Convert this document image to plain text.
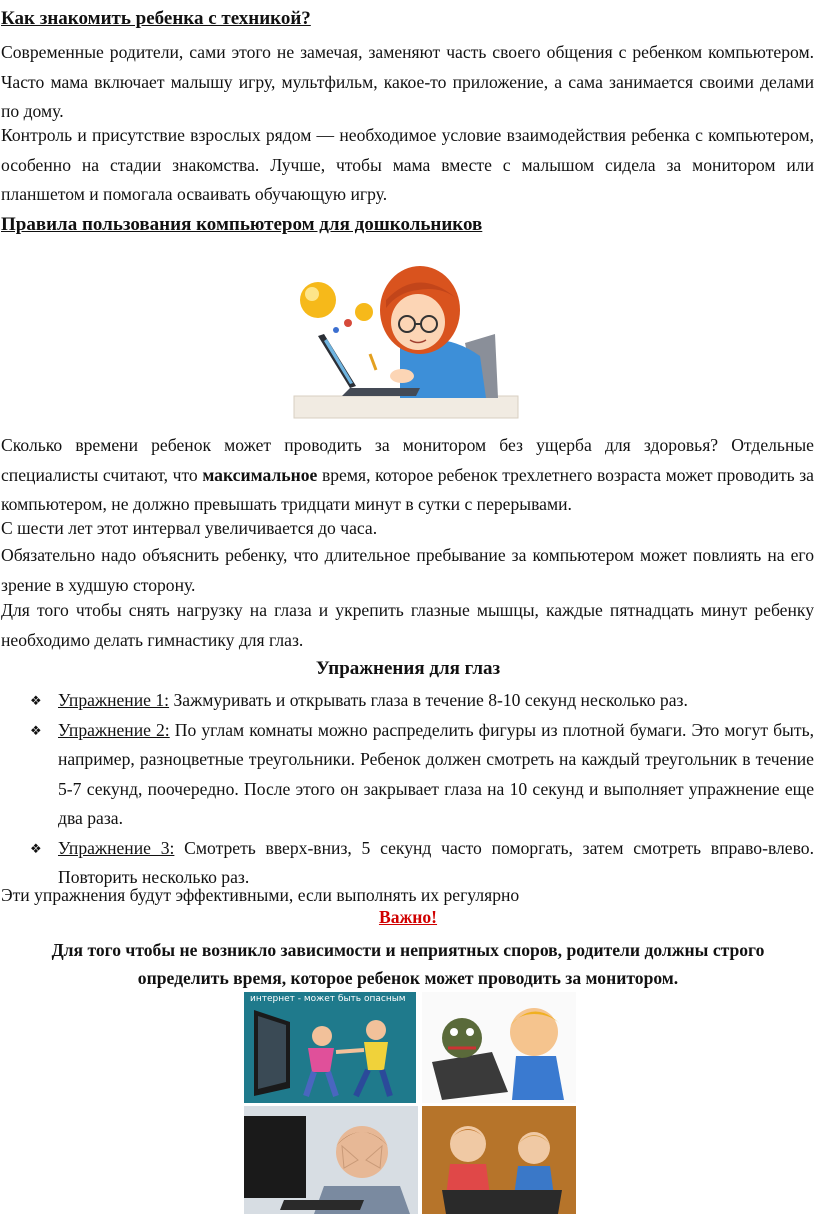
Как знакомить ребенка с техникой?

Современные родители, сами этого не замечая, заменяют часть своего общения с ребенком компьютером. Часто мама включает малышу игру, мультфильм, какое-то приложение, а сама занимается своими делами по дому.

Контроль и присутствие взрослых рядом — необходимое условие взаимодействия ребенка с компьютером, особенно на стадии знакомства. Лучше, чтобы мама вместе с малышом сидела за монитором или планшетом и помогала осваивать обучающую игру.

Правила пользования компьютером для дошкольников

Сколько времени ребенок может проводить за монитором без ущерба для здоровья? Отдельные специалисты считают, что максимальное время, которое ребенок трехлетнего возраста может проводить за компьютером, не должно превышать тридцати минут в сутки с перерывами.

С шести лет этот интервал увеличивается до часа.

Обязательно надо объяснить ребенку, что длительное пребывание за компьютером может повлиять на его зрение в худшую сторону.

Для того чтобы снять нагрузку на глаза и укрепить глазные мышцы, каждые пятнадцать минут ребенку необходимо делать гимнастику для глаз.

Упражнения для глаз
❖ Упражнение 1: Зажмуривать и открывать глаза в течение 8-10 секунд несколько раз.
❖ Упражнение 2: По углам комнаты можно распределить фигуры из плотной бумаги. Это могут быть, например, разноцветные треугольники. Ребенок должен смотреть на каждый треугольник в течение 5-7 секунд, поочередно. После этого он закрывает глаза на 10 секунд и выполняет упражнение еще два раза.
❖ Упражнение 3: Смотреть вверх-вниз, 5 секунд часто поморгать, затем смотреть вправо-влево. Повторить несколько раз.

Эти упражнения будут эффективными, если выполнять их регулярно

Важно!

Для того чтобы не возникло зависимости и неприятных споров, родители должны строго определить время, которое ребенок может проводить за монитором.

интернет - может быть опасным
